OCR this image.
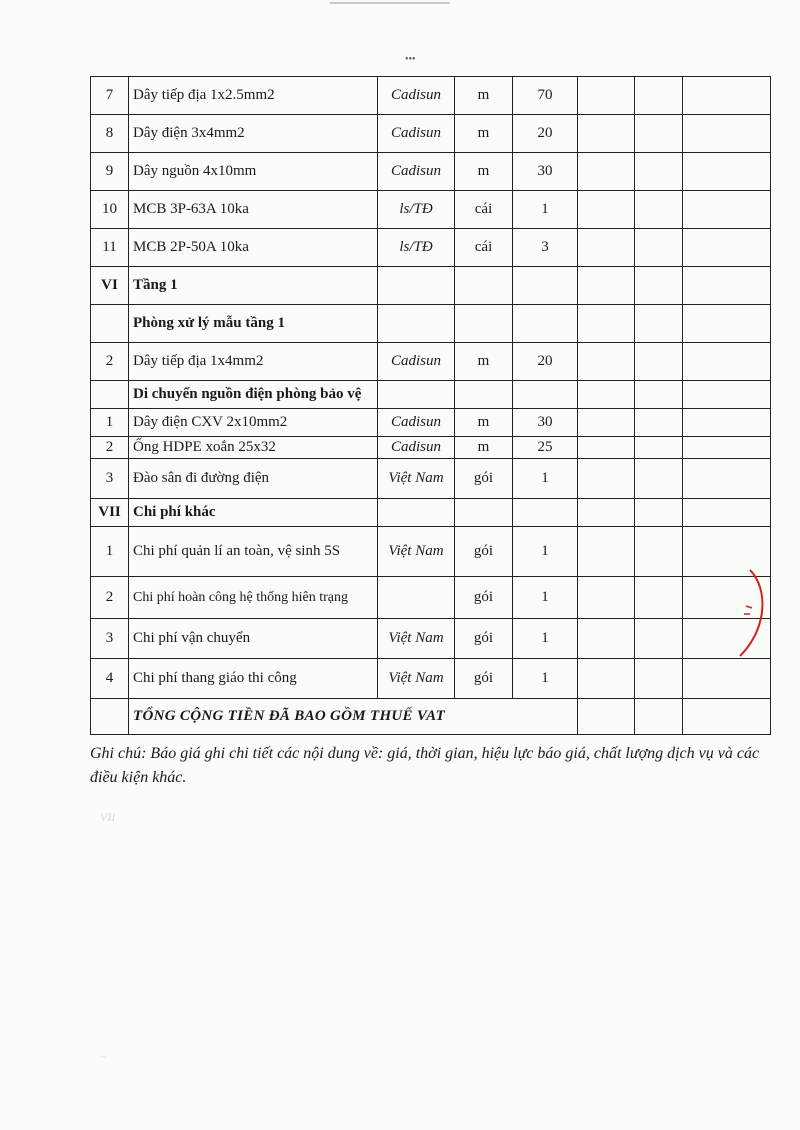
•••
7	Dây tiếp địa 1x2.5mm2	Cadisun	m	70			
8	Dây điện 3x4mm2	Cadisun	m	20			
9	Dây nguồn 4x10mm	Cadisun	m	30			
10	MCB 3P-63A 10ka	ls/TĐ	cái	1			
11	MCB 2P-50A 10ka	ls/TĐ	cái	3			
VI	Tầng 1						
	Phòng xử lý mẫu tầng 1						
2	Dây tiếp địa 1x4mm2	Cadisun	m	20			
	Di chuyển nguồn điện phòng bảo vệ						
1	Dây điện CXV 2x10mm2	Cadisun	m	30			
2	Ống HDPE xoắn 25x32	Cadisun	m	25			
3	Đào sân đi đường điện	Việt Nam	gói	1			
VII	Chi phí khác						
1	Chi phí quản lí an toàn, vệ sinh 5S	Việt Nam	gói	1			
2	Chi phí hoàn công hệ thống hiên trạng		gói	1			
3	Chi phí vận chuyển	Việt Nam	gói	1			
4	Chi phí thang giáo thi công	Việt Nam	gói	1			
	TỔNG CỘNG TIỀN ĐÃ BAO GỒM THUẾ VAT						

Ghi chú: Báo giá ghi chi tiết các nội dung về: giá, thời gian, hiệu lực báo giá, chất lượng dịch vụ và các điều kiện khác.

VII
~
